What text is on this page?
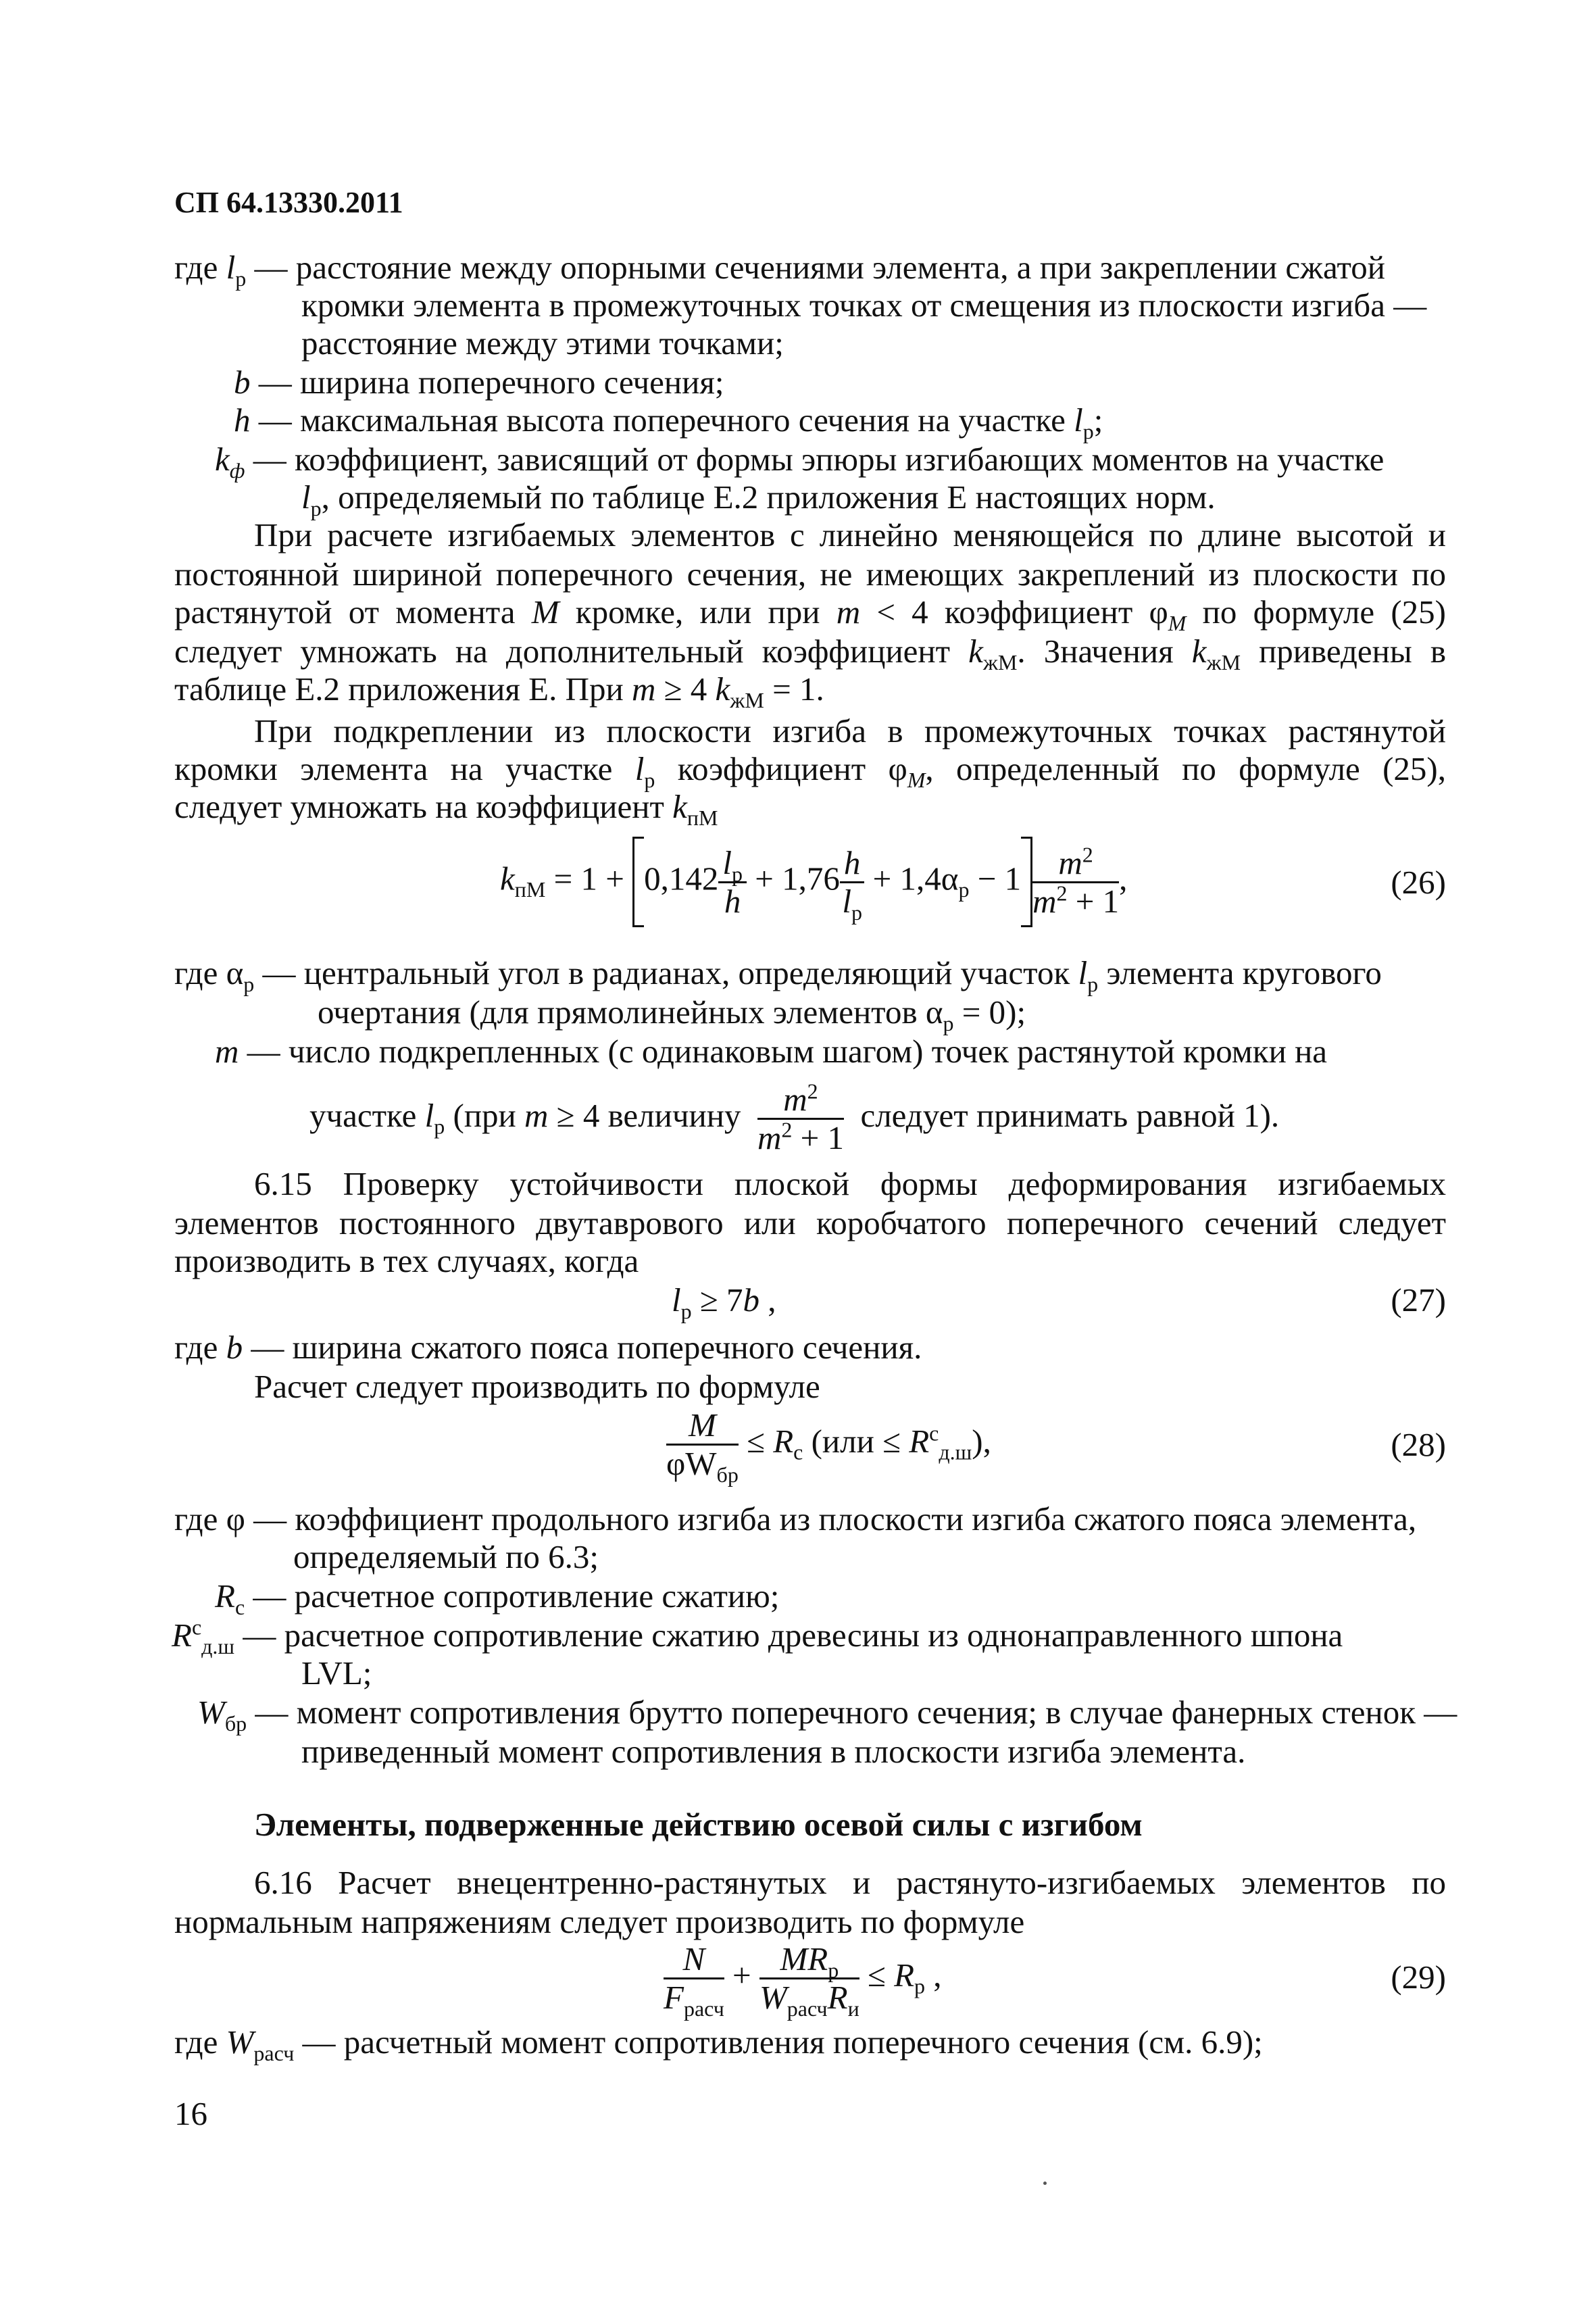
СП 64.13330.2011
где $l_р$ — расстояние между опорными сечениями элемента, а при закреплении сжатой
кромки элемента в промежуточных точках от смещения из плоскости изгиба —
расстояние между этими точками;
b — ширина поперечного сечения;
h — максимальная высота поперечного сечения на участке $l_р$;
$k_ф$ — коэффициент, зависящий от формы эпюры изгибающих моментов на участке
$l_р$, определяемый по таблице Е.2 приложения Е настоящих норм.
При расчете изгибаемых элементов с линейно меняющейся по длине высотой и
постоянной шириной поперечного сечения, не имеющих закреплений из плоскости по
растянутой от момента M кромке, или при m < 4 коэффициент $\varphi_M$ по формуле (25)
следует умножать на дополнительный коэффициент $k_{жМ}$. Значения $k_{жМ}$ приведены в
таблице Е.2 приложения Е. При m ≥ 4 $k_{жМ} = 1$.
При подкреплении из плоскости изгиба в промежуточных точках растянутой
кромки элемента на участке $l_р$ коэффициент $\varphi_M$, определенный по формуле (25),
следует умножать на коэффициент $k_{пМ}$
$k_{пМ} = 1 + 0,142 \frac{l_р}{h} + 1,76 \frac{h}{l_р} + 1,4\alpha_р - 1 \frac{m^2}{m^2 + 1}$ ,	(26)
где $\alpha_р$ — центральный угол в радианах, определяющий участок $l_р$ элемента кругового
очертания (для прямолинейных элементов $\alpha_р = 0$);
m — число подкрепленных (с одинаковым шагом) точек растянутой кромки на
участке $l_р$ (при m ≥ 4 величину $\frac{m^2}{m^2 + 1}$ следует принимать равной 1).
6.15 Проверку устойчивости плоской формы деформирования изгибаемых
элементов постоянного двутаврового или коробчатого поперечного сечений следует
производить в тех случаях, когда
$l_р \ge 7b$ ,	(27)
где b — ширина сжатого пояса поперечного сечения.
Расчет следует производить по формуле
$\frac{M}{\varphi W_{бр}} \le R_с$ $(или \le R^с_{д.ш})$,	(28)
где φ — коэффициент продольного изгиба из плоскости изгиба сжатого пояса элемента,
определяемый по 6.3;
$R_с$ — расчетное сопротивление сжатию;
$R^с_{д.ш}$ — расчетное сопротивление сжатию древесины из однонаправленного шпона
LVL;
$W_{бр}$ — момент сопротивления брутто поперечного сечения; в случае фанерных стенок —
приведенный момент сопротивления в плоскости изгиба элемента.
Элементы, подверженные действию осевой силы с изгибом
6.16 Расчет внецентренно-растянутых и растянуто-изгибаемых элементов по
нормальным напряжениям следует производить по формуле
$\frac{N}{F_{расч}} + \frac{MR_р}{W_{расч}R_и} \le R_р$ ,	(29)
где $W_{расч}$ — расчетный момент сопротивления поперечного сечения (см. 6.9);
16
